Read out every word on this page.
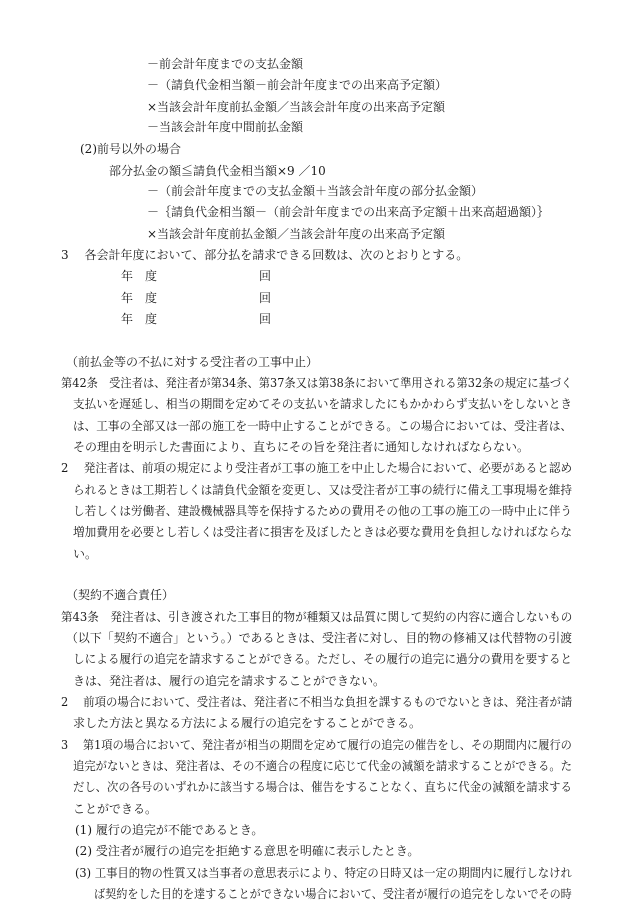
－前会計年度までの支払金額
－（請負代金相当額－前会計年度までの出来高予定額）
×当該会計年度前払金額／当該会計年度の出来高予定額
－当該会計年度中間前払金額
(2)前号以外の場合
部分払金の額≦請負代金相当額×9 ／10
－（前会計年度までの支払金額＋当該会計年度の部分払金額）
－｛請負代金相当額－（前会計年度までの出来高予定額＋出来高超過額）｝
×当該会計年度前払金額／当該会計年度の出来高予定額
3　 各会計年度において、部分払を請求できる回数は、次のとおりとする。
年　度	回
年　度	回
年　度	回
（前払金等の不払に対する受注者の工事中止）
第42条　受注者は、発注者が第34条、第37条又は第38条において準用される第32条の規定に基づく
支払いを遅延し、相当の期間を定めてその支払いを請求したにもかかわらず支払いをしないとき
は、工事の全部又は一部の施工を一時中止することができる。この場合においては、受注者は、
その理由を明示した書面により、直ちにその旨を発注者に通知しなければならない。
2　 発注者は、前項の規定により受注者が工事の施工を中止した場合において、必要があると認め
られるときは工期若しくは請負代金額を変更し、又は受注者が工事の続行に備え工事現場を維持
し若しくは労働者、建設機械器具等を保持するための費用その他の工事の施工の一時中止に伴う
増加費用を必要とし若しくは受注者に損害を及ぼしたときは必要な費用を負担しなければならな
い。
（契約不適合責任）
第43条　発注者は、引き渡された工事目的物が種類又は品質に関して契約の内容に適合しないもの
（以下「契約不適合」という。）であるときは、受注者に対し、目的物の修補又は代替物の引渡
しによる履行の追完を請求することができる。ただし、その履行の追完に過分の費用を要すると
きは、発注者は、履行の追完を請求することができない。
2　 前項の場合において、受注者は、発注者に不相当な負担を課するものでないときは、発注者が請
求した方法と異なる方法による履行の追完をすることができる。
3　 第1項の場合において、発注者が相当の期間を定めて履行の追完の催告をし、その期間内に履行の
追完がないときは、発注者は、その不適合の程度に応じて代金の減額を請求することができる。た
だし、次の各号のいずれかに該当する場合は、催告をすることなく、直ちに代金の減額を請求する
ことができる。
(1) 履行の追完が不能であるとき。
(2) 受注者が履行の追完を拒絶する意思を明確に表示したとき。
(3) 工事目的物の性質又は当事者の意思表示により、特定の日時又は一定の期間内に履行しなけれ
ば契約をした目的を達することができない場合において、受注者が履行の追完をしないでその時
